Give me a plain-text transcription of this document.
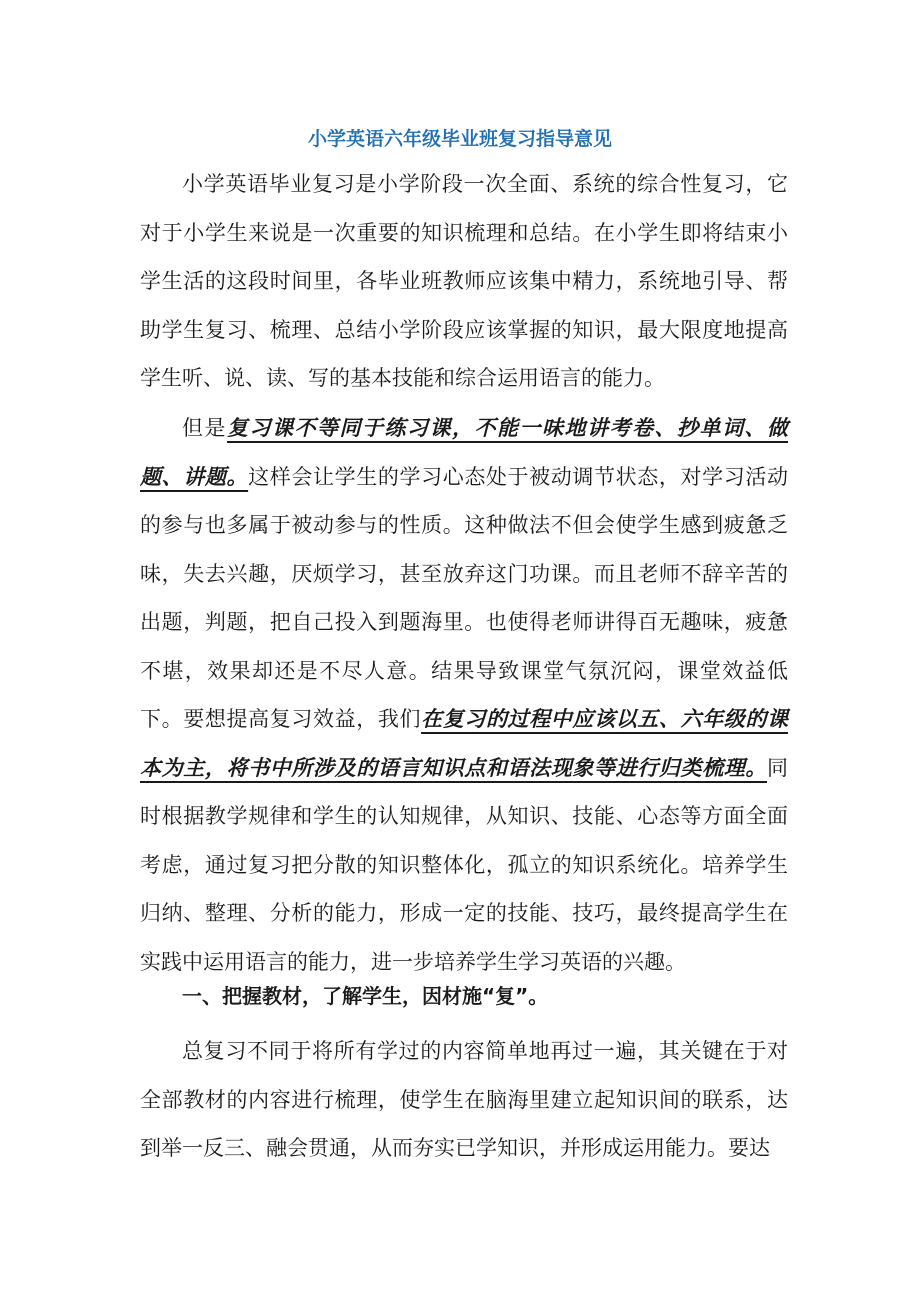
小学英语六年级毕业班复习指导意见

小学英语毕业复习是小学阶段一次全面、系统的综合性复习，它对于小学生来说是一次重要的知识梳理和总结。在小学生即将结束小学生活的这段时间里，各毕业班教师应该集中精力，系统地引导、帮助学生复习、梳理、总结小学阶段应该掌握的知识，最大限度地提高学生听、说、读、写的基本技能和综合运用语言的能力。

但是复习课不等同于练习课，不能一味地讲考卷、抄单词、做题、讲题。这样会让学生的学习心态处于被动调节状态，对学习活动的参与也多属于被动参与的性质。这种做法不但会使学生感到疲惫乏味，失去兴趣，厌烦学习，甚至放弃这门功课。而且老师不辞辛苦的出题，判题，把自己投入到题海里。也使得老师讲得百无趣味，疲惫不堪，效果却还是不尽人意。结果导致课堂气氛沉闷，课堂效益低下。要想提高复习效益，我们在复习的过程中应该以五、六年级的课本为主，将书中所涉及的语言知识点和语法现象等进行归类梳理。同时根据教学规律和学生的认知规律，从知识、技能、心态等方面全面考虑，通过复习把分散的知识整体化，孤立的知识系统化。培养学生归纳、整理、分析的能力，形成一定的技能、技巧，最终提高学生在实践中运用语言的能力，进一步培养学生学习英语的兴趣。

一、把握教材，了解学生，因材施“复”。

总复习不同于将所有学过的内容简单地再过一遍，其关键在于对全部教材的内容进行梳理，使学生在脑海里建立起知识间的联系，达到举一反三、融会贯通，从而夯实已学知识，并形成运用能力。要达
